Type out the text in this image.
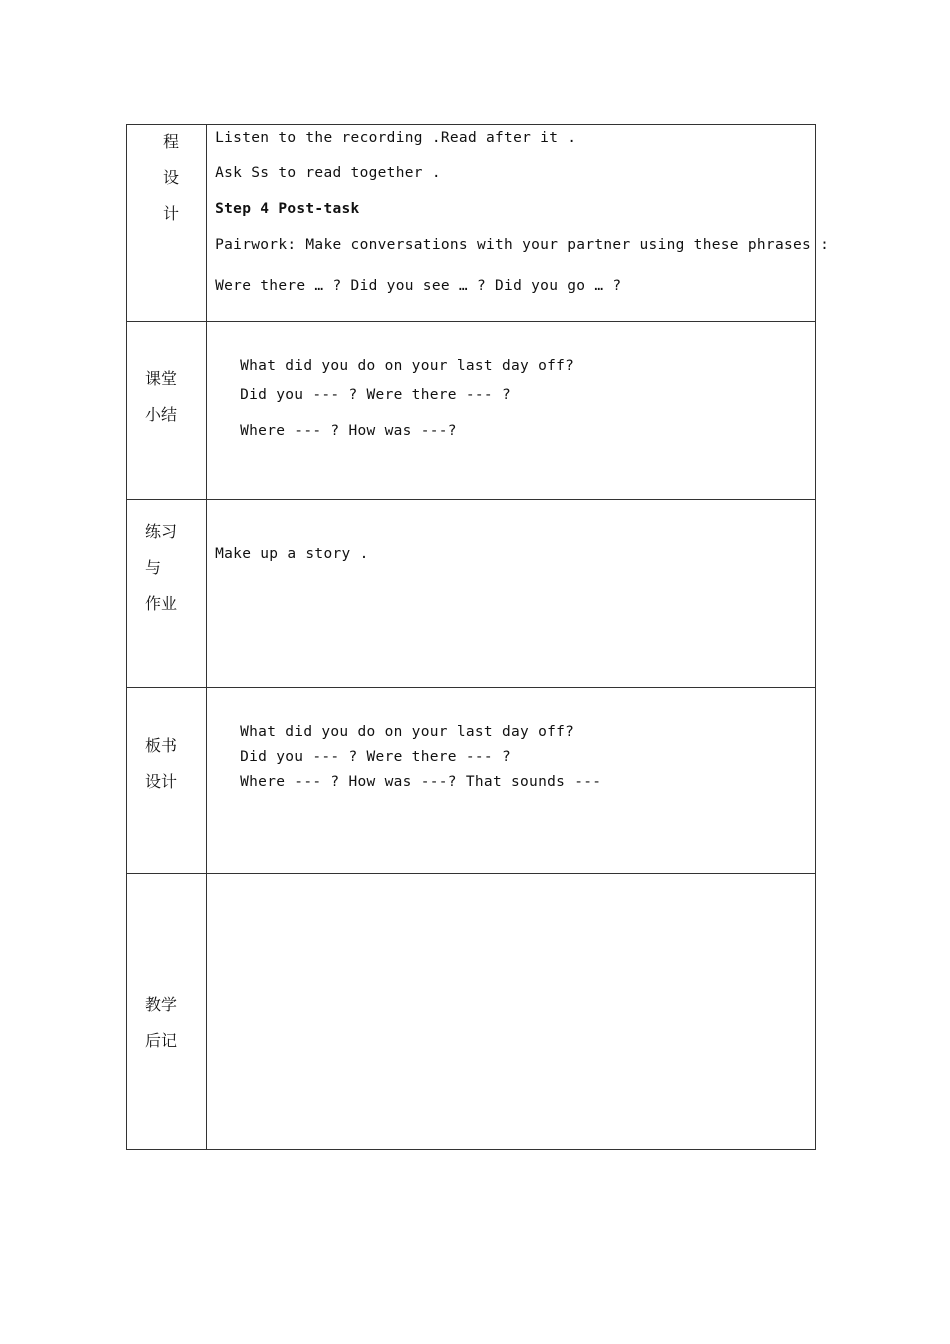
程
设
计	Listen to the recording .Read after it .
Ask Ss to read together .
Step 4 Post-task
Pairwork: Make conversations with your partner using these phrases :
Were there … ? Did you see … ? Did you go … ?

课堂
小结	What did you do on your last day off?
Did you --- ? Were there --- ?
Where --- ? How was ---?

练习
与
作业	Make up a story .

板书
设计	What did you do on your last day off?
Did you --- ? Were there --- ?
Where --- ? How was ---? That sounds ---

教学
后记	
